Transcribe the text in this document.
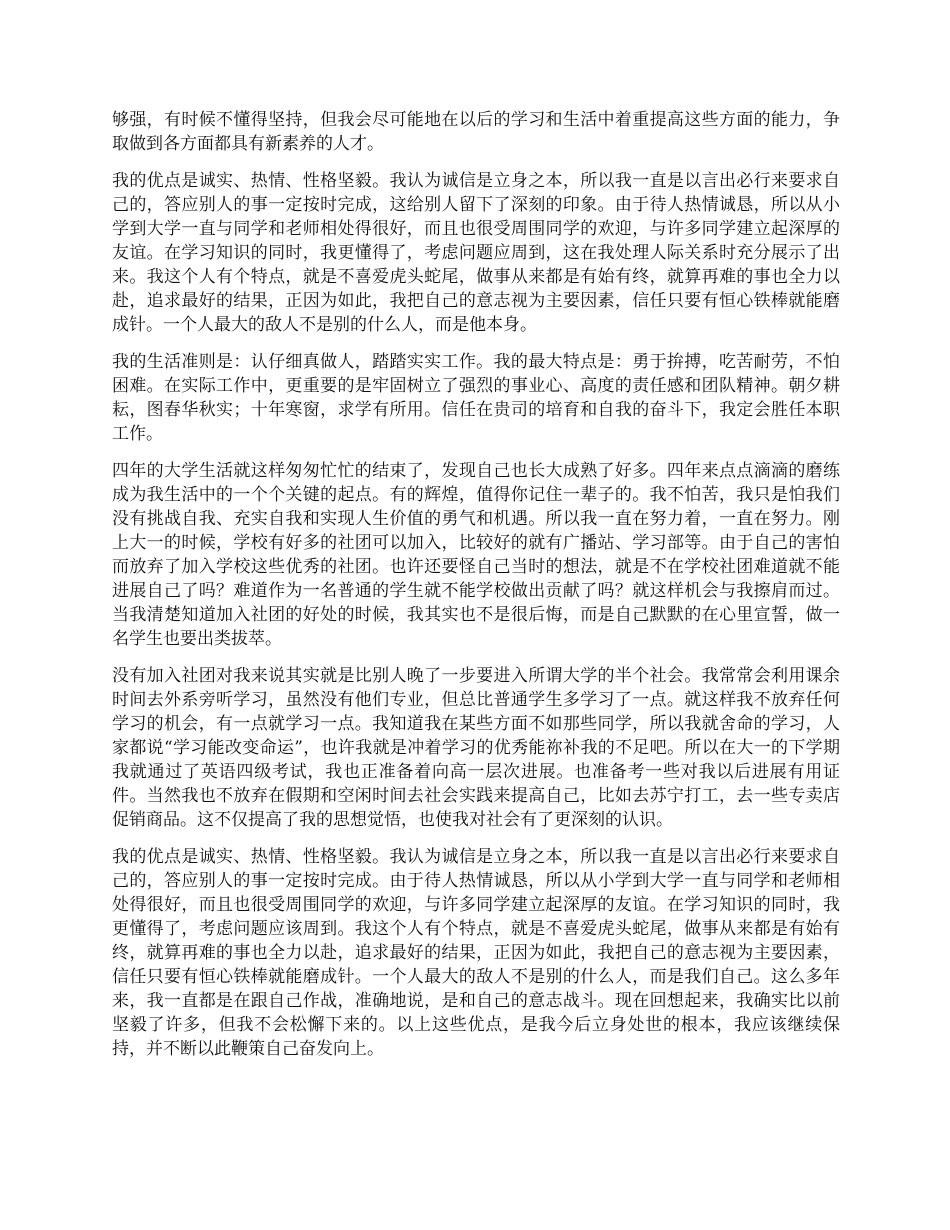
够强，有时候不懂得坚持，但我会尽可能地在以后的学习和生活中着重提高这些方面的能力，争取做到各方面都具有新素养的人才。

我的优点是诚实、热情、性格坚毅。我认为诚信是立身之本，所以我一直是以言出必行来要求自己的，答应别人的事一定按时完成，这给别人留下了深刻的印象。由于待人热情诚恳，所以从小学到大学一直与同学和老师相处得很好，而且也很受周围同学的欢迎，与许多同学建立起深厚的友谊。在学习知识的同时，我更懂得了，考虑问题应周到，这在我处理人际关系时充分展示了出来。我这个人有个特点，就是不喜爱虎头蛇尾，做事从来都是有始有终，就算再难的事也全力以赴，追求最好的结果，正因为如此，我把自己的意志视为主要因素，信任只要有恒心铁棒就能磨成针。一个人最大的敌人不是别的什么人，而是他本身。

我的生活准则是：认仔细真做人，踏踏实实工作。我的最大特点是：勇于拚搏，吃苦耐劳，不怕困难。在实际工作中，更重要的是牢固树立了强烈的事业心、高度的责任感和团队精神。朝夕耕耘，图春华秋实；十年寒窗，求学有所用。信任在贵司的培育和自我的奋斗下，我定会胜任本职工作。

四年的大学生活就这样匆匆忙忙的结束了，发现自己也长大成熟了好多。四年来点点滴滴的磨练成为我生活中的一个个关键的起点。有的辉煌，值得你记住一辈子的。我不怕苦，我只是怕我们没有挑战自我、充实自我和实现人生价值的勇气和机遇。所以我一直在努力着，一直在努力。刚上大一的时候，学校有好多的社团可以加入，比较好的就有广播站、学习部等。由于自己的害怕而放弃了加入学校这些优秀的社团。也许还要怪自己当时的想法，就是不在学校社团难道就不能进展自己了吗？难道作为一名普通的学生就不能学校做出贡献了吗？就这样机会与我擦肩而过。当我清楚知道加入社团的好处的时候，我其实也不是很后悔，而是自己默默的在心里宣誓，做一名学生也要出类拔萃。

没有加入社团对我来说其实就是比别人晚了一步要进入所谓大学的半个社会。我常常会利用课余时间去外系旁听学习，虽然没有他们专业，但总比普通学生多学习了一点。就这样我不放弃任何学习的机会，有一点就学习一点。我知道我在某些方面不如那些同学，所以我就舍命的学习，人家都说“学习能改变命运”，也许我就是冲着学习的优秀能祢补我的不足吧。所以在大一的下学期我就通过了英语四级考试，我也正准备着向高一层次进展。也准备考一些对我以后进展有用证件。当然我也不放弃在假期和空闲时间去社会实践来提高自己，比如去苏宁打工，去一些专卖店促销商品。这不仅提高了我的思想觉悟，也使我对社会有了更深刻的认识。

我的优点是诚实、热情、性格坚毅。我认为诚信是立身之本，所以我一直是以言出必行来要求自己的，答应别人的事一定按时完成。由于待人热情诚恳，所以从小学到大学一直与同学和老师相处得很好，而且也很受周围同学的欢迎，与许多同学建立起深厚的友谊。在学习知识的同时，我更懂得了，考虑问题应该周到。我这个人有个特点，就是不喜爱虎头蛇尾，做事从来都是有始有终，就算再难的事也全力以赴，追求最好的结果，正因为如此，我把自己的意志视为主要因素，信任只要有恒心铁棒就能磨成针。一个人最大的敌人不是别的什么人，而是我们自己。这么多年来，我一直都是在跟自己作战，准确地说，是和自己的意志战斗。现在回想起来，我确实比以前坚毅了许多，但我不会松懈下来的。以上这些优点，是我今后立身处世的根本，我应该继续保持，并不断以此鞭策自己奋发向上。
